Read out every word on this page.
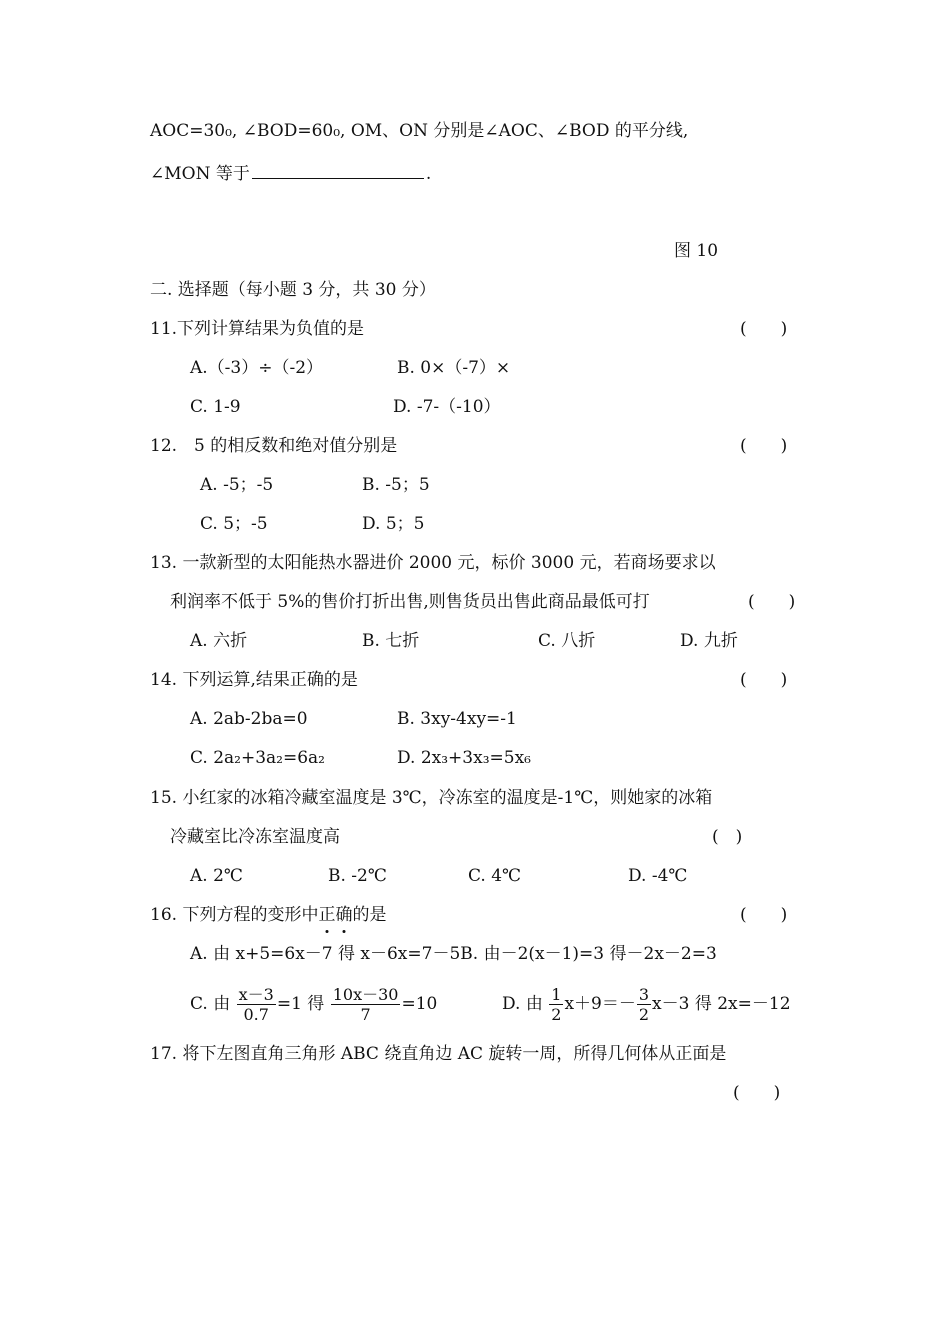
AOC=30₀, ∠BOD=60₀, OM、ON 分别是∠AOC、∠BOD 的平分线,
∠MON 等于	.
图 10
二. 选择题（每小题 3 分，共 30 分）
11.下列计算结果为负值的是	(　　)
A.（-3）÷（-2）	B. 0×（-7）×
C. 1-9	D. -7-（-10）
12.　5 的相反数和绝对值分别是	(　　)
A. -5；-5	B. -5；5
C. 5；-5	D. 5；5
13. 一款新型的太阳能热水器进价 2000 元，标价 3000 元，若商场要求以
利润率不低于 5%的售价打折出售,则售货员出售此商品最低可打	(　　)
A. 六折	B. 七折	C. 八折	D. 九折
14. 下列运算,结果正确的是	(　　)
A. 2ab-2ba=0	B. 3xy-4xy=-1
C. 2a₂+3a₂=6a₂	D. 2x₃+3x₃=5x₆
15. 小红家的冰箱冷藏室温度是 3℃，冷冻室的温度是-1℃，则她家的冰箱
冷藏室比冷冻室温度高	(　)
A. 2℃	B. -2℃	C. 4℃	D. -4℃
16. 下列方程的变形中正确的是	(　　)
A. 由 x+5=6x－7 得 x－6x=7－5B. 由－2(x－1)=3 得－2x－2=3
C. 由 $\frac{x-3}{0.7} =1$ 得 $\frac{10x-30}{7} =10$	D. 由 $\frac{1}{2} x+9=- \frac{3}{2} x-3$ 得 2x=－12
17. 将下左图直角三角形 ABC 绕直角边 AC 旋转一周，所得几何体从正面是
(　　)
